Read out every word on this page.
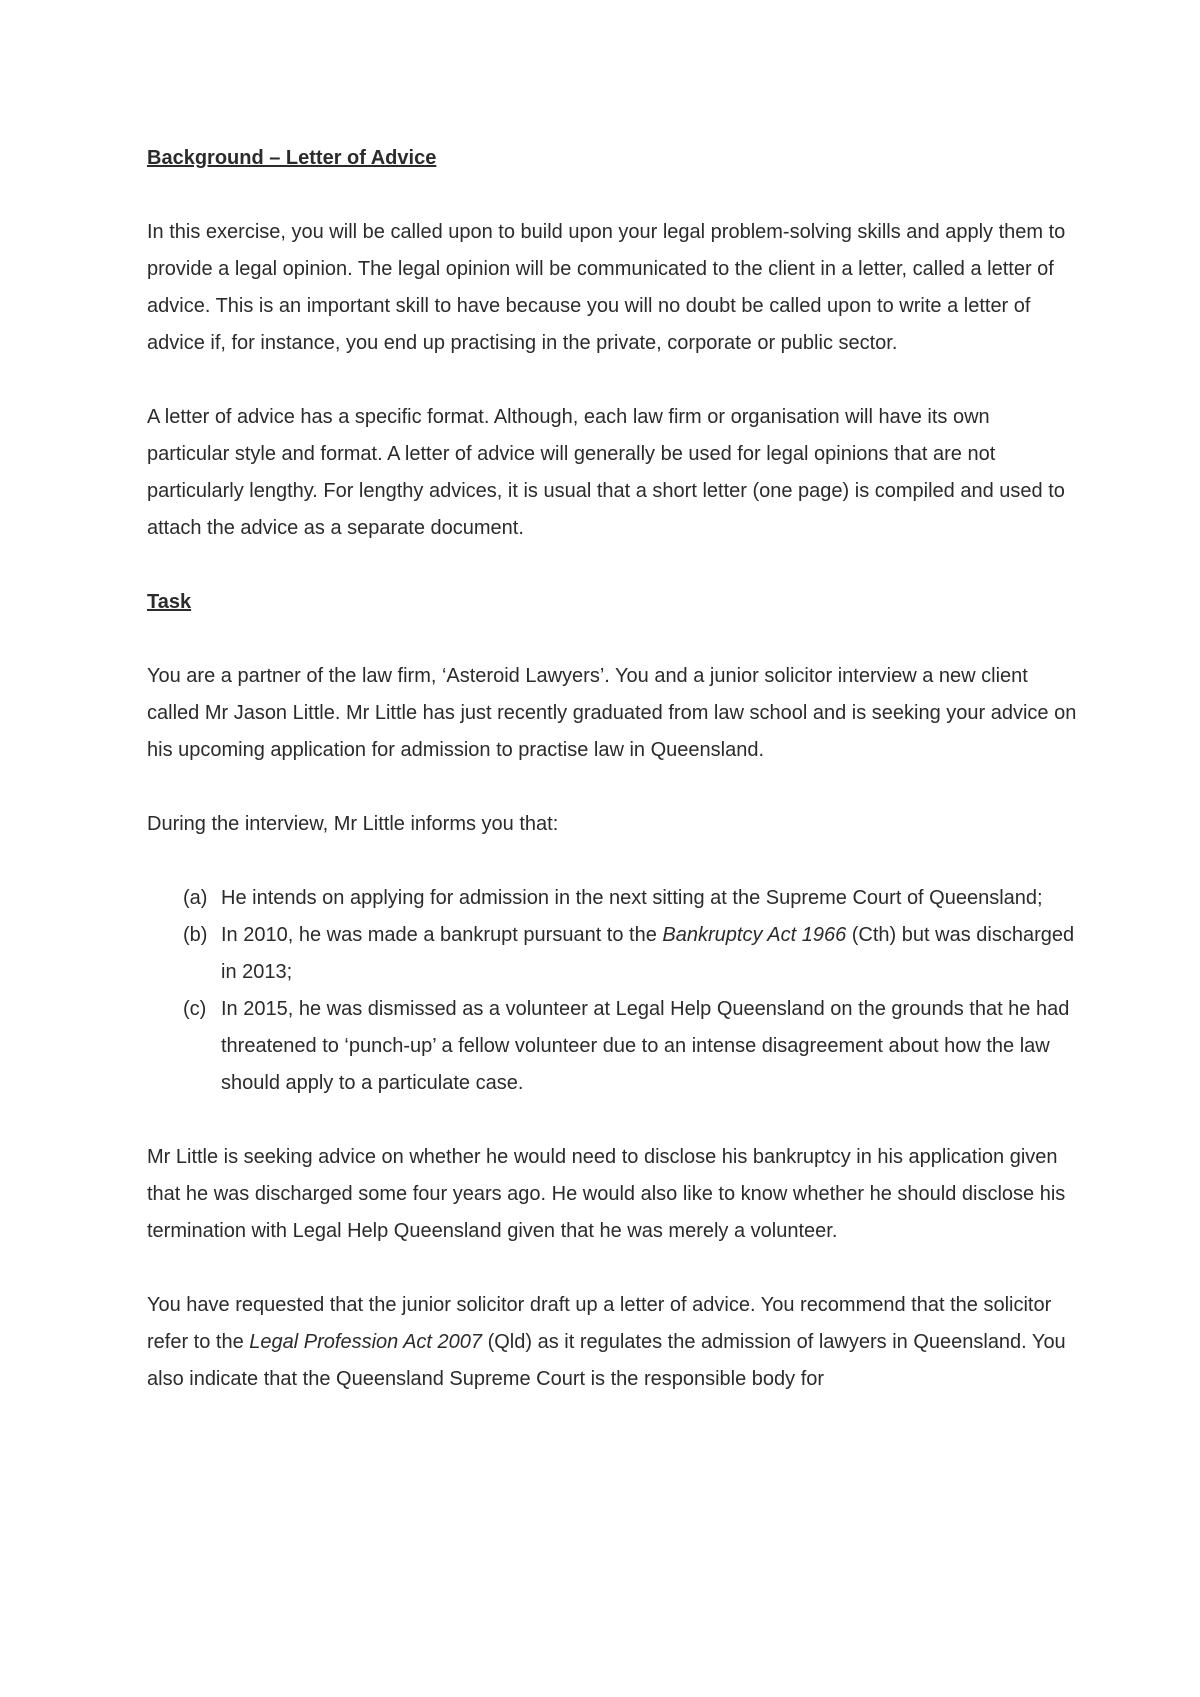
Background – Letter of Advice

In this exercise, you will be called upon to build upon your legal problem-solving skills and apply them to provide a legal opinion. The legal opinion will be communicated to the client in a letter, called a letter of advice. This is an important skill to have because you will no doubt be called upon to write a letter of advice if, for instance, you end up practising in the private, corporate or public sector.

A letter of advice has a specific format. Although, each law firm or organisation will have its own particular style and format. A letter of advice will generally be used for legal opinions that are not particularly lengthy. For lengthy advices, it is usual that a short letter (one page) is compiled and used to attach the advice as a separate document.

Task

You are a partner of the law firm, ‘Asteroid Lawyers’. You and a junior solicitor interview a new client called Mr Jason Little. Mr Little has just recently graduated from law school and is seeking your advice on his upcoming application for admission to practise law in Queensland.

During the interview, Mr Little informs you that:

(a) He intends on applying for admission in the next sitting at the Supreme Court of Queensland;
(b) In 2010, he was made a bankrupt pursuant to the Bankruptcy Act 1966 (Cth) but was discharged in 2013;
(c) In 2015, he was dismissed as a volunteer at Legal Help Queensland on the grounds that he had threatened to ‘punch-up’ a fellow volunteer due to an intense disagreement about how the law should apply to a particulate case.

Mr Little is seeking advice on whether he would need to disclose his bankruptcy in his application given that he was discharged some four years ago. He would also like to know whether he should disclose his termination with Legal Help Queensland given that he was merely a volunteer.

You have requested that the junior solicitor draft up a letter of advice. You recommend that the solicitor refer to the Legal Profession Act 2007 (Qld) as it regulates the admission of lawyers in Queensland. You also indicate that the Queensland Supreme Court is the responsible body for
